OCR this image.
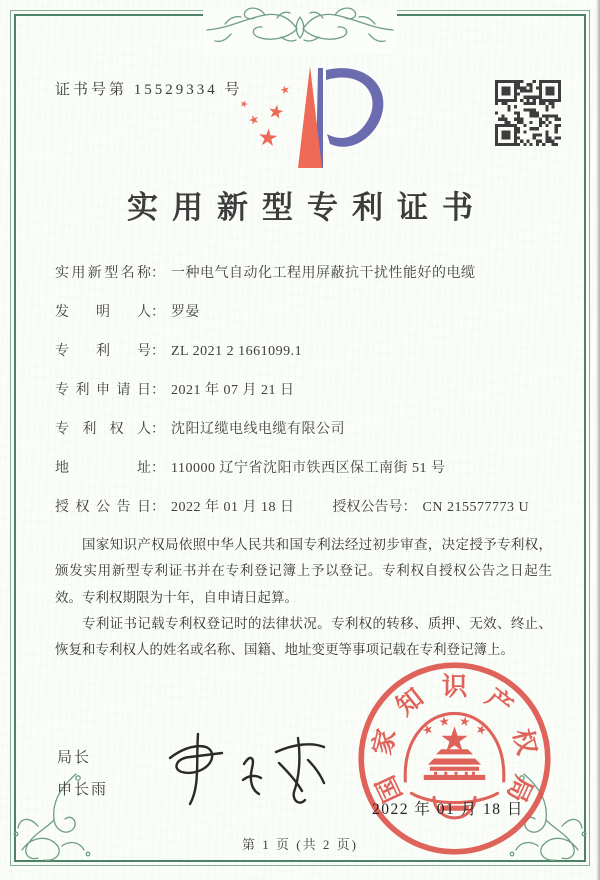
证书号第 15529334 号
实用新型专利证书
实用新型名称： 一种电气自动化工程用屏蔽抗干扰性能好的电缆
发明人： 罗晏
专利号： ZL 2021 2 1661099.1
专利申请日： 2021 年 07 月 21 日
专利权人： 沈阳辽缆电线电缆有限公司
地址： 110000 辽宁省沈阳市铁西区保工南街 51 号
授权公告日： 2022 年 01 月 18 日	授权公告号： CN 215577773 U

国家知识产权局依照中华人民共和国专利法经过初步审查，决定授予专利权，颁发实用新型专利证书并在专利登记簿上予以登记。专利权自授权公告之日起生效。专利权期限为十年，自申请日起算。

专利证书记载专利权登记时的法律状况。专利权的转移、质押、无效、终止、恢复和专利权人的姓名或名称、国籍、地址变更等事项记载在专利登记簿上。

局长
申长雨	国
家
知 识 产
权
局
2022 年 01 月 18 日
第 1 页 (共 2 页)
